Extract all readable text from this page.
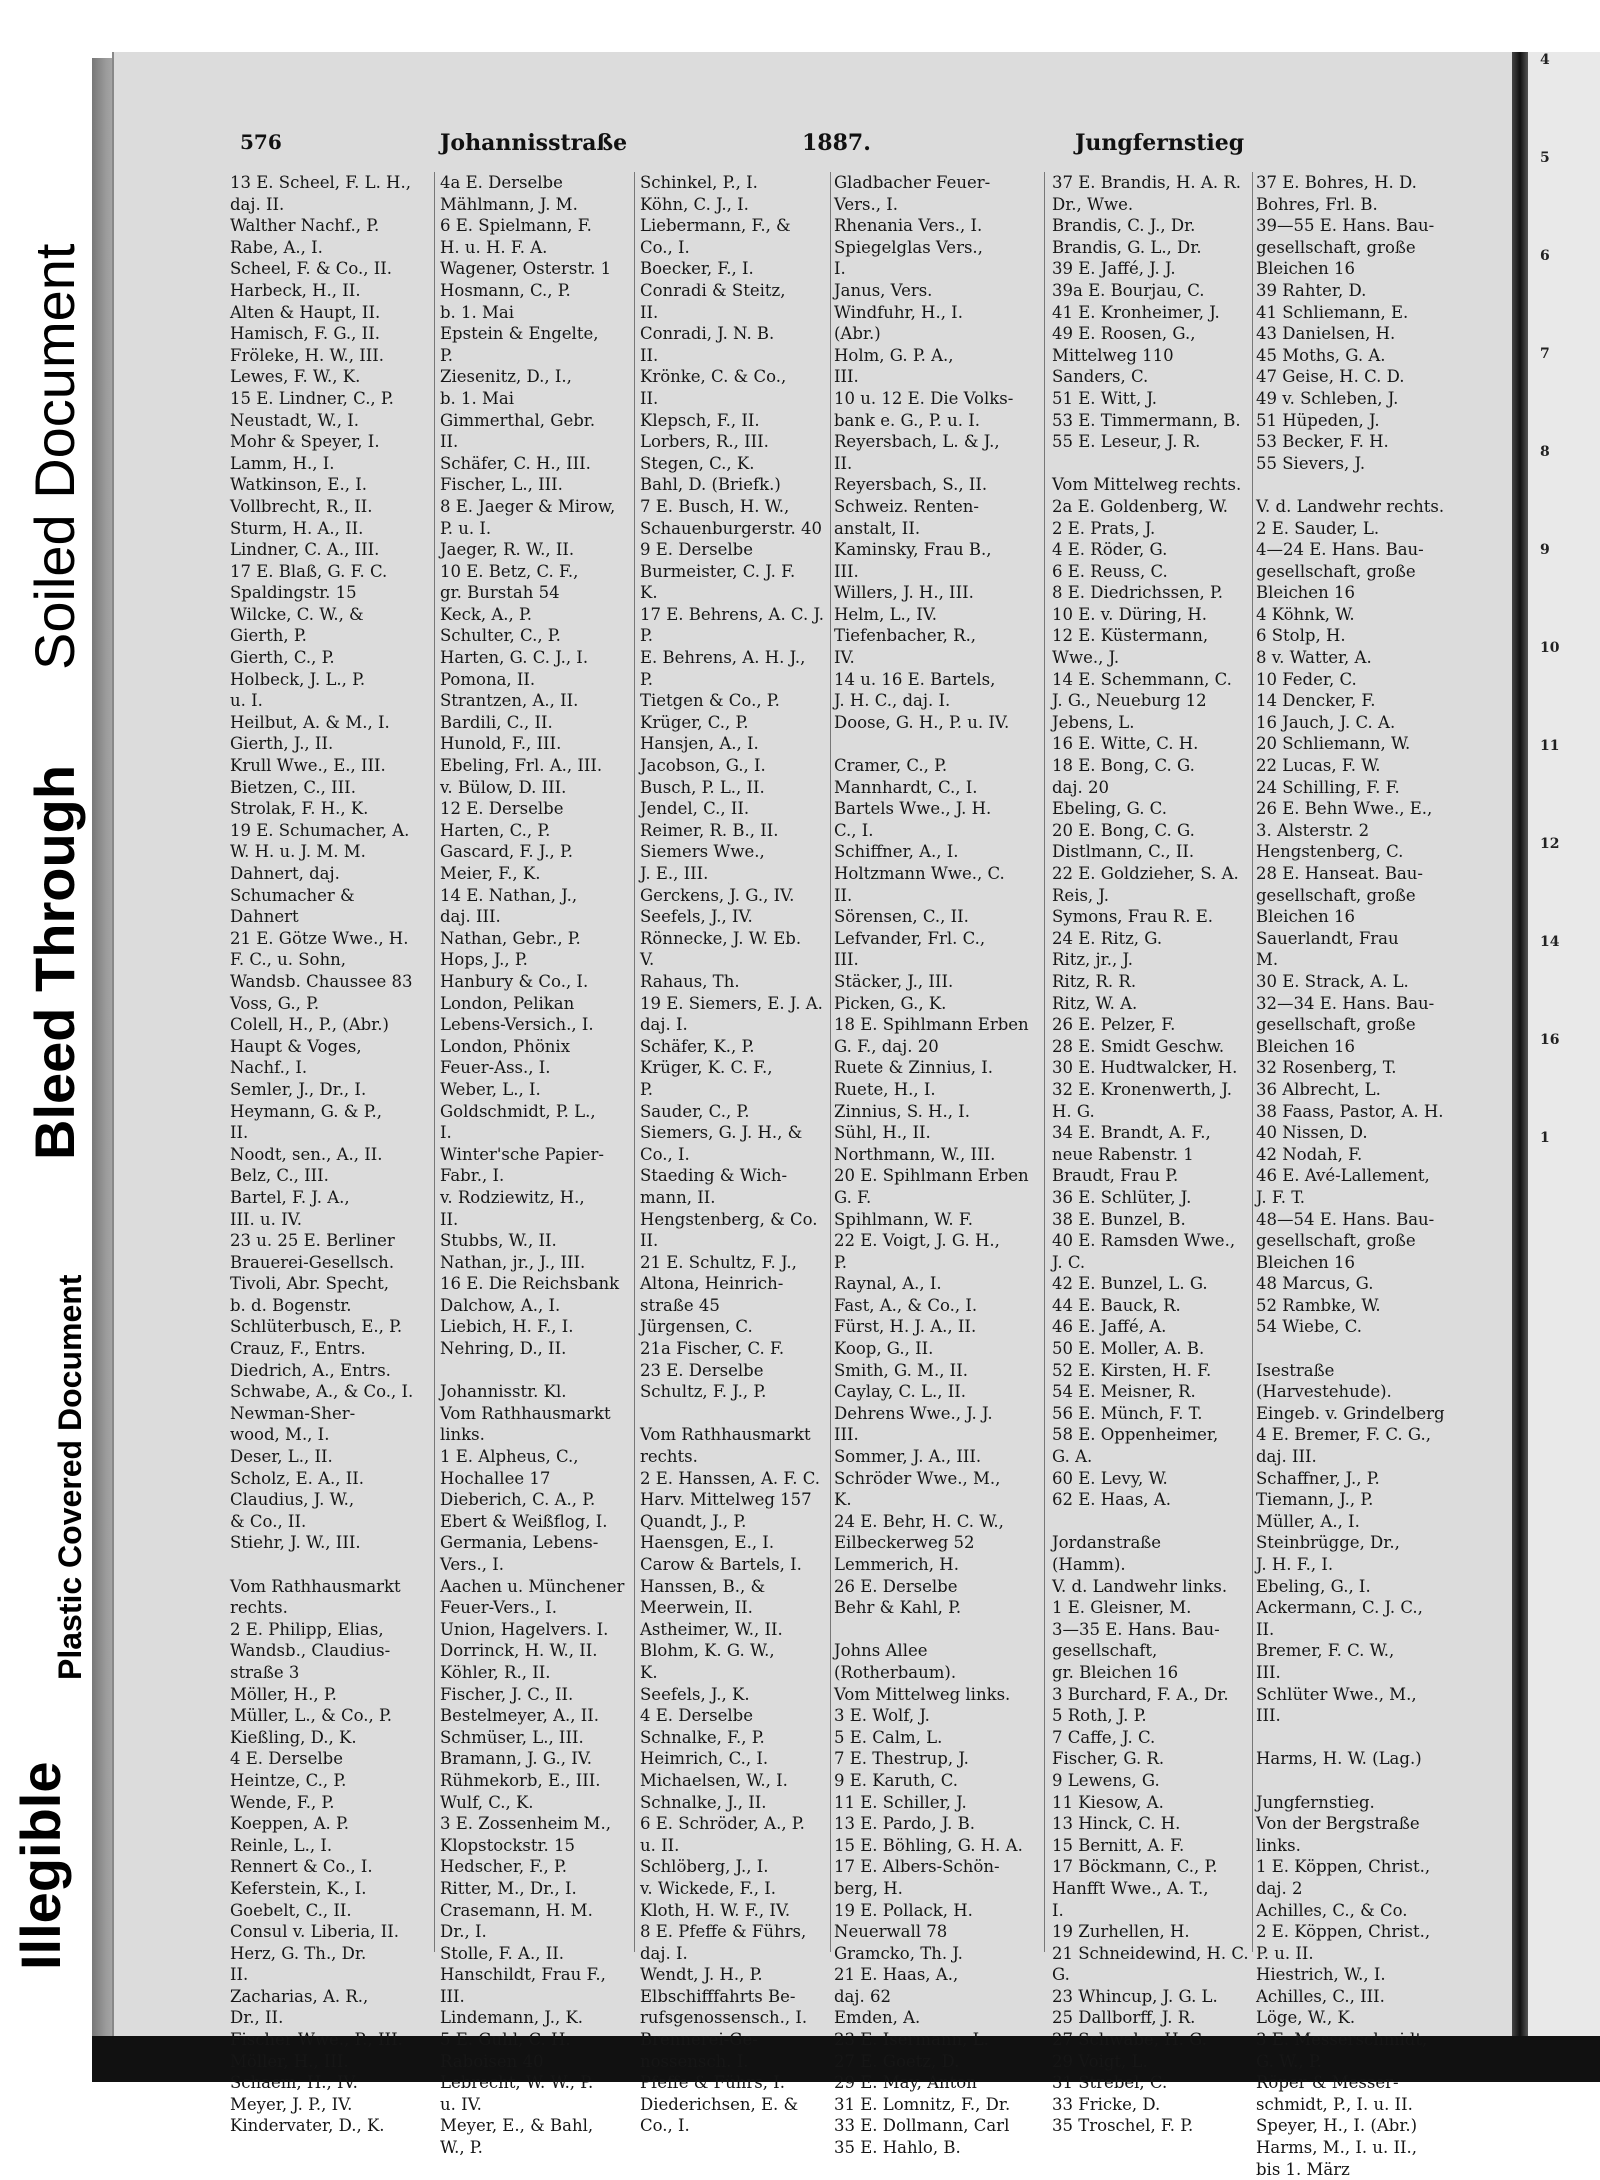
Illegible
Plastic Covered Document
Bleed Through
Soiled Document
4
5
6
7
8
9
10
11
12
14
16
1
576	Johannisstraße	1887.	Jungfernstieg
13 E. Scheel, F. L. H.,
daj. II.
Walther Nachf., P.
Rabe, A., I.
Scheel, F. & Co., II.
Harbeck, H., II.
Alten & Haupt, II.
Hamisch, F. G., II.
Fröleke, H. W., III.
Lewes, F. W., K.
15 E. Lindner, C., P.
Neustadt, W., I.
Mohr & Speyer, I.
Lamm, H., I.
Watkinson, E., I.
Vollbrecht, R., II.
Sturm, H. A., II.
Lindner, C. A., III.
17 E. Blaß, G. F. C.
Spaldingstr. 15
Wilcke, C. W., &
Gierth, P.
Gierth, C., P.
Holbeck, J. L., P.
u. I.
Heilbut, A. & M., I.
Gierth, J., II.
Krull Wwe., E., III.
Bietzen, C., III.
Strolak, F. H., K.
19 E. Schumacher, A.
W. H. u. J. M. M.
Dahnert, daj.
Schumacher &
Dahnert
21 E. Götze Wwe., H.
F. C., u. Sohn,
Wandsb. Chaussee 83
Voss, G., P.
Colell, H., P., (Abr.)
Haupt & Voges,
Nachf., I.
Semler, J., Dr., I.
Heymann, G. & P.,
II.
Noodt, sen., A., II.
Belz, C., III.
Bartel, F. J. A.,
III. u. IV.
23 u. 25 E. Berliner
Brauerei-Gesellsch.
Tivoli, Abr. Specht,
b. d. Bogenstr.
Schlüterbusch, E., P.
Crauz, F., Entrs.
Diedrich, A., Entrs.
Schwabe, A., & Co., I.
Newman-Sher-
wood, M., I.
Deser, L., II.
Scholz, E. A., II.
Claudius, J. W.,
& Co., II.
Stiehr, J. W., III.

Vom Rathhausmarkt
rechts.
2 E. Philipp, Elias,
Wandsb., Claudius-
straße 3
Möller, H., P.
Müller, L., & Co., P.
Kießling, D., K.
4 E. Derselbe
Heintze, C., P.
Wende, F., P.
Koeppen, A. P.
Reinle, L., I.
Rennert & Co., I.
Keferstein, K., I.
Goebelt, C., II.
Consul v. Liberia, II.
Herz, G. Th., Dr.
II.
Zacharias, A. R.,
Dr., II.
Fischer Wwe., P., III.
Möller, H., III.
Schaem, H., IV.
Meyer, J. P., IV.
Kindervater, D., K.
4a E. Derselbe
Mählmann, J. M.
6 E. Spielmann, F.
H. u. H. F. A.
Wagener, Osterstr. 1
Hosmann, C., P.
b. 1. Mai
Epstein & Engelte,
P.
Ziesenitz, D., I.,
b. 1. Mai
Gimmerthal, Gebr.
II.
Schäfer, C. H., III.
Fischer, L., III.
8 E. Jaeger & Mirow,
P. u. I.
Jaeger, R. W., II.
10 E. Betz, C. F.,
gr. Burstah 54
Keck, A., P.
Schulter, C., P.
Harten, G. C. J., I.
Pomona, II.
Strantzen, A., II.
Bardili, C., II.
Hunold, F., III.
Ebeling, Frl. A., III.
v. Bülow, D. III.
12 E. Derselbe
Harten, C., P.
Gascard, F. J., P.
Meier, F., K.
14 E. Nathan, J.,
daj. III.
Nathan, Gebr., P.
Hops, J., P.
Hanbury & Co., I.
London, Pelikan
Lebens-Versich., I.
London, Phönix
Feuer-Ass., I.
Weber, L., I.
Goldschmidt, P. L.,
I.
Winter'sche Papier-
Fabr., I.
v. Rodziewitz, H.,
II.
Stubbs, W., II.
Nathan, jr., J., III.
16 E. Die Reichsbank
Dalchow, A., I.
Liebich, H. F., I.
Nehring, D., II.

Johannisstr. Kl.
Vom Rathhausmarkt
links.
1 E. Alpheus, C.,
Hochallee 17
Dieberich, C. A., P.
Ebert & Weißflog, I.
Germania, Lebens-
Vers., I.
Aachen u. Münchener
Feuer-Vers., I.
Union, Hagelvers. I.
Dorrinck, H. W., II.
Köhler, R., II.
Fischer, J. C., II.
Bestelmeyer, A., II.
Schmüser, L., III.
Bramann, J. G., IV.
Rühmekorb, E., III.
Wulf, C., K.
3 E. Zossenheim M.,
Klopstockstr. 15
Hedscher, F., P.
Ritter, M., Dr., I.
Crasemann, H. M.
Dr., I.
Stolle, F. A., II.
Hanschildt, Frau F.,
III.
Lindemann, J., K.
5 E. Guhl, C. H.
Raboisen 40
Lebrecht, W. W., P.
u. IV.
Meyer, E., & Bahl,
W., P.
Schinkel, P., I.
Köhn, C. J., I.
Liebermann, F., &
Co., I.
Boecker, F., I.
Conradi & Steitz,
II.
Conradi, J. N. B.
II.
Krönke, C. & Co.,
II.
Klepsch, F., II.
Lorbers, R., III.
Stegen, C., K.
Bahl, D. (Briefk.)
7 E. Busch, H. W.,
Schauenburgerstr. 40
9 E. Derselbe
Burmeister, C. J. F.
K.
17 E. Behrens, A. C. J.
P.
E. Behrens, A. H. J.,
P.
Tietgen & Co., P.
Krüger, C., P.
Hansjen, A., I.
Jacobson, G., I.
Busch, P. L., II.
Jendel, C., II.
Reimer, R. B., II.
Siemers Wwe.,
J. E., III.
Gerckens, J. G., IV.
Seefels, J., IV.
Rönnecke, J. W. Eb.
V.
Rahaus, Th.
19 E. Siemers, E. J. A.
daj. I.
Schäfer, K., P.
Krüger, K. C. F.,
P.
Sauder, C., P.
Siemers, G. J. H., &
Co., I.
Staeding & Wich-
mann, II.
Hengstenberg, & Co.
II.
21 E. Schultz, F. J.,
Altona, Heinrich-
straße 45
Jürgensen, C.
21a Fischer, C. F.
23 E. Derselbe
Schultz, F. J., P.

Vom Rathhausmarkt
rechts.
2 E. Hanssen, A. F. C.
Harv. Mittelweg 157
Quandt, J., P.
Haensgen, E., I.
Carow & Bartels, I.
Hanssen, B., &
Meerwein, II.
Astheimer, W., II.
Blohm, K. G. W.,
K.
Seefels, J., K.
4 E. Derselbe
Schnalke, F., P.
Heimrich, C., I.
Michaelsen, W., I.
Schnalke, J., II.
6 E. Schröder, A., P.
u. II.
Schlöberg, J., I.
v. Wickede, F., I.
Kloth, H. W. F., IV.
8 E. Pfeffe & Führs,
daj. I.
Wendt, J. H., P.
Elbschifffahrts Be-
rufsgenossensch., I.
Brennerei-Ge-
nossensch. I.
Pfeffe & Führs, I.
Diederichsen, E. &
Co., I.
Gladbacher Feuer-
Vers., I.
Rhenania Vers., I.
Spiegelglas Vers.,
I.
Janus, Vers.
Windfuhr, H., I.
(Abr.)
Holm, G. P. A.,
III.
10 u. 12 E. Die Volks-
bank e. G., P. u. I.
Reyersbach, L. & J.,
II.
Reyersbach, S., II.
Schweiz. Renten-
anstalt, II.
Kaminsky, Frau B.,
III.
Willers, J. H., III.
Helm, L., IV.
Tiefenbacher, R.,
IV.
14 u. 16 E. Bartels,
J. H. C., daj. I.
Doose, G. H., P. u. IV.

Cramer, C., P.
Mannhardt, C., I.
Bartels Wwe., J. H.
C., I.
Schiffner, A., I.
Holtzmann Wwe., C.
II.
Sörensen, C., II.
Lefvander, Frl. C.,
III.
Stäcker, J., III.
Picken, G., K.
18 E. Spihlmann Erben
G. F., daj. 20
Ruete & Zinnius, I.
Ruete, H., I.
Zinnius, S. H., I.
Sühl, H., II.
Northmann, W., III.
20 E. Spihlmann Erben
G. F.
Spihlmann, W. F.
22 E. Voigt, J. G. H.,
P.
Raynal, A., I.
Fast, A., & Co., I.
Fürst, H. J. A., II.
Koop, G., II.
Smith, G. M., II.
Caylay, C. L., II.
Dehrens Wwe., J. J.
III.
Sommer, J. A., III.
Schröder Wwe., M.,
K.
24 E. Behr, H. C. W.,
Eilbeckerweg 52
Lemmerich, H.
26 E. Derselbe
Behr & Kahl, P.

Johns Allee
(Rotherbaum).
Vom Mittelweg links.
3 E. Wolf, J.
5 E. Calm, L.
7 E. Thestrup, J.
9 E. Karuth, C.
11 E. Schiller, J.
13 E. Pardo, J. B.
15 E. Böhling, G. H. A.
17 E. Albers-Schön-
berg, H.
19 E. Pollack, H.
Neuerwall 78
Gramcko, Th. J.
21 E. Haas, A.,
daj. 62
Emden, A.
23 E. Isermann, L.
27 E. Goetz, D.
29 E. May, Anton
31 E. Lomnitz, F., Dr.
33 E. Dollmann, Carl
35 E. Hahlo, B.
37 E. Brandis, H. A. R.
Dr., Wwe.
Brandis, C. J., Dr.
Brandis, G. L., Dr.
39 E. Jaffé, J. J.
39a E. Bourjau, C.
41 E. Kronheimer, J.
49 E. Roosen, G.,
Mittelweg 110
Sanders, C.
51 E. Witt, J.
53 E. Timmermann, B.
55 E. Leseur, J. R.

Vom Mittelweg rechts.
2a E. Goldenberg, W.
2 E. Prats, J.
4 E. Röder, G.
6 E. Reuss, C.
8 E. Diedrichssen, P.
10 E. v. Düring, H.
12 E. Küstermann,
Wwe., J.
14 E. Schemmann, C.
J. G., Neueburg 12
Jebens, L.
16 E. Witte, C. H.
18 E. Bong, C. G.
daj. 20
Ebeling, G. C.
20 E. Bong, C. G.
Distlmann, C., II.
22 E. Goldzieher, S. A.
Reis, J.
Symons, Frau R. E.
24 E. Ritz, G.
Ritz, jr., J.
Ritz, R. R.
Ritz, W. A.
26 E. Pelzer, F.
28 E. Smidt Geschw.
30 E. Hudtwalcker, H.
32 E. Kronenwerth, J.
H. G.
34 E. Brandt, A. F.,
neue Rabenstr. 1
Braudt, Frau P.
36 E. Schlüter, J.
38 E. Bunzel, B.
40 E. Ramsden Wwe.,
J. C.
42 E. Bunzel, L. G.
44 E. Bauck, R.
46 E. Jaffé, A.
50 E. Moller, A. B.
52 E. Kirsten, H. F.
54 E. Meisner, R.
56 E. Münch, F. T.
58 E. Oppenheimer,
G. A.
60 E. Levy, W.
62 E. Haas, A.

Jordanstraße
(Hamm).
V. d. Landwehr links.
1 E. Gleisner, M.
3—35 E. Hans. Bau-
gesellschaft,
gr. Bleichen 16
3 Burchard, F. A., Dr.
5 Roth, J. P.
7 Caffe, J. C.
Fischer, G. R.
9 Lewens, G.
11 Kiesow, A.
13 Hinck, C. H.
15 Bernitt, A. F.
17 Böckmann, C., P.
Hanfft Wwe., A. T.,
I.
19 Zurhellen, H.
21 Schneidewind, H. C.
G.
23 Whincup, J. G. L.
25 Dallborff, J. R.
27 Schwabe, H. G.
29 Voigt, L.
31 Strebel, C.
33 Fricke, D.
35 Troschel, F. P.
37 E. Bohres, H. D.
Bohres, Frl. B.
39—55 E. Hans. Bau-
gesellschaft, große
Bleichen 16
39 Rahter, D.
41 Schliemann, E.
43 Danielsen, H.
45 Moths, G. A.
47 Geise, H. C. D.
49 v. Schleben, J.
51 Hüpeden, J.
53 Becker, F. H.
55 Sievers, J.

V. d. Landwehr rechts.
2 E. Sauder, L.
4—24 E. Hans. Bau-
gesellschaft, große
Bleichen 16
4 Köhnk, W.
6 Stolp, H.
8 v. Watter, A.
10 Feder, C.
14 Dencker, F.
16 Jauch, J. C. A.
20 Schliemann, W.
22 Lucas, F. W.
24 Schilling, F. F.
26 E. Behn Wwe., E.,
3. Alsterstr. 2
Hengstenberg, C.
28 E. Hanseat. Bau-
gesellschaft, große
Bleichen 16
Sauerlandt, Frau
M.
30 E. Strack, A. L.
32—34 E. Hans. Bau-
gesellschaft, große
Bleichen 16
32 Rosenberg, T.
36 Albrecht, L.
38 Faass, Pastor, A. H.
40 Nissen, D.
42 Nodah, F.
46 E. Avé-Lallement,
J. F. T.
48—54 E. Hans. Bau-
gesellschaft, große
Bleichen 16
48 Marcus, G.
52 Rambke, W.
54 Wiebe, C.

Isestraße
(Harvestehude).
Eingeb. v. Grindelberg
4 E. Bremer, F. C. G.,
daj. III.
Schaffner, J., P.
Tiemann, J., P.
Müller, A., I.
Steinbrügge, Dr.,
J. H. F., I.
Ebeling, G., I.
Ackermann, C. J. C.,
II.
Bremer, F. C. W.,
III.
Schlüter Wwe., M.,
III.

Harms, H. W. (Lag.)

Jungfernstieg.
Von der Bergstraße
links.
1 E. Köppen, Christ.,
daj. 2
Achilles, C., & Co.
2 E. Köppen, Christ.,
P. u. II.
Hiestrich, W., I.
Achilles, C., III.
Löge, W., K.
3 E. Messerschmidt,
G. W., P.
Röper & Messer-
schmidt, P., I. u. II.
Speyer, H., I. (Abr.)
Harms, M., I. u. II.,
bis 1. März
